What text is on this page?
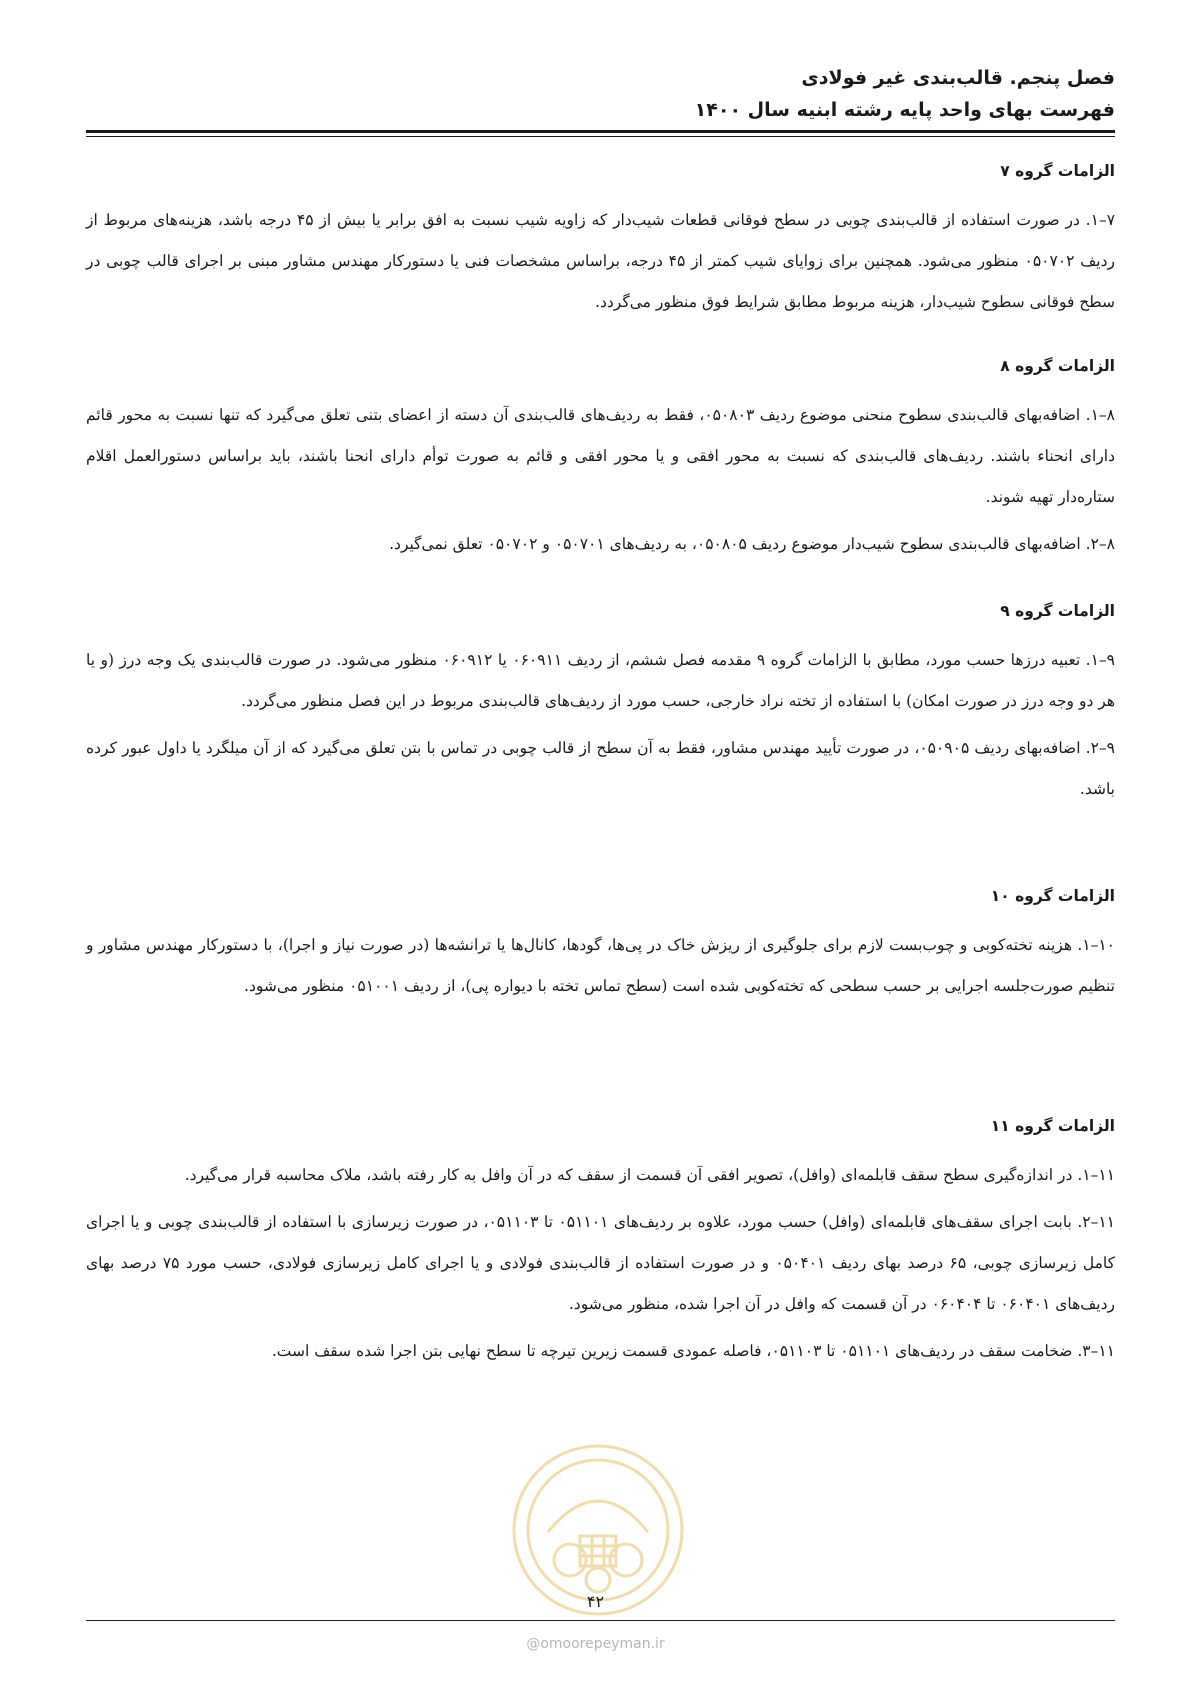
فصل پنجم. قالب‌بندی غیر فولادی
فهرست بهای واحد پایه رشته ابنیه سال ۱۴۰۰
الزامات گروه ۷

۷–۱. در صورت استفاده از قالب‌بندی چوبی در سطح فوقانی قطعات شیب‌دار که زاویه شیب نسبت به افق برابر یا بیش از ۴۵ درجه باشد، هزینه‌های مربوط از ردیف ۰۵۰۷۰۲ منظور می‌شود. همچنین برای زوایای شیب کمتر از ۴۵ درجه، براساس مشخصات فنی یا دستورکار مهندس مشاور مبنی بر اجرای قالب چوبی در سطح فوقانی سطوح شیب‌دار، هزینه مربوط مطابق شرایط فوق منظور می‌گردد.

الزامات گروه ۸

۸–۱. اضافه‌بهای قالب‌بندی سطوح منحنی موضوع ردیف ۰۵۰۸۰۳، فقط به ردیف‌های قالب‌بندی آن دسته از اعضای بتنی تعلق می‌گیرد که تنها نسبت به محور قائم دارای انحناء باشند. ردیف‌های قالب‌بندی که نسبت به محور افقی و یا محور افقی و قائم به صورت توأم دارای انحنا باشند، باید براساس دستورالعمل اقلام ستاره‌دار تهیه شوند.

۸–۲. اضافه‌بهای قالب‌بندی سطوح شیب‌دار موضوع ردیف ۰۵۰۸۰۵، به ردیف‌های ۰۵۰۷۰۱ و ۰۵۰۷۰۲ تعلق نمی‌گیرد.

الزامات گروه ۹

۹–۱. تعبیه درزها حسب مورد، مطابق با الزامات گروه ۹ مقدمه فصل ششم، از ردیف ۰۶۰۹۱۱ یا ۰۶۰۹۱۲ منظور می‌شود. در صورت قالب‌بندی یک وجه درز (و یا هر دو وجه درز در صورت امکان) با استفاده از تخته نراد خارجی، حسب مورد از ردیف‌های قالب‌بندی مربوط در این فصل منظور می‌گردد.

۹–۲. اضافه‌بهای ردیف ۰۵۰۹۰۵، در صورت تأیید مهندس مشاور، فقط به آن سطح از قالب چوبی در تماس با بتن تعلق می‌گیرد که از آن میلگرد یا داول عبور کرده باشد.

الزامات گروه ۱۰

۱۰–۱. هزینه تخته‌کوبی و چوب‌بست لازم برای جلوگیری از ریزش خاک در پی‌ها، گودها، کانال‌ها یا ترانشه‌ها (در صورت نیاز و اجرا)، با دستورکار مهندس مشاور و تنظیم صورت‌جلسه اجرایی بر حسب سطحی که تخته‌کوبی شده است (سطح تماس تخته با دیواره پی)، از ردیف ۰۵۱۰۰۱ منظور می‌شود.

الزامات گروه ۱۱

۱۱–۱. در اندازه‌گیری سطح سقف قابلمه‌ای (وافل)، تصویر افقی آن قسمت از سقف که در آن وافل به کار رفته باشد، ملاک محاسبه قرار می‌گیرد.

۱۱–۲. بابت اجرای سقف‌های قابلمه‌ای (وافل) حسب مورد، علاوه بر ردیف‌های ۰۵۱۱۰۱ تا ۰۵۱۱۰۳، در صورت زیرسازی با استفاده از قالب‌بندی چوبی و یا اجرای کامل زیرسازی چوبی، ۶۵ درصد بهای ردیف ۰۵۰۴۰۱ و در صورت استفاده از قالب‌بندی فولادی و یا اجرای کامل زیرسازی فولادی، حسب مورد ۷۵ درصد بهای ردیف‌های ۰۶۰۴۰۱ تا ۰۶۰۴۰۴ در آن قسمت که وافل در آن اجرا شده، منظور می‌شود.

۱۱–۳. ضخامت سقف در ردیف‌های ۰۵۱۱۰۱ تا ۰۵۱۱۰۳، فاصله عمودی قسمت زیرین تیرچه تا سطح نهایی بتن اجرا شده سقف است.

۴۲
@omoorepeyman.ir
